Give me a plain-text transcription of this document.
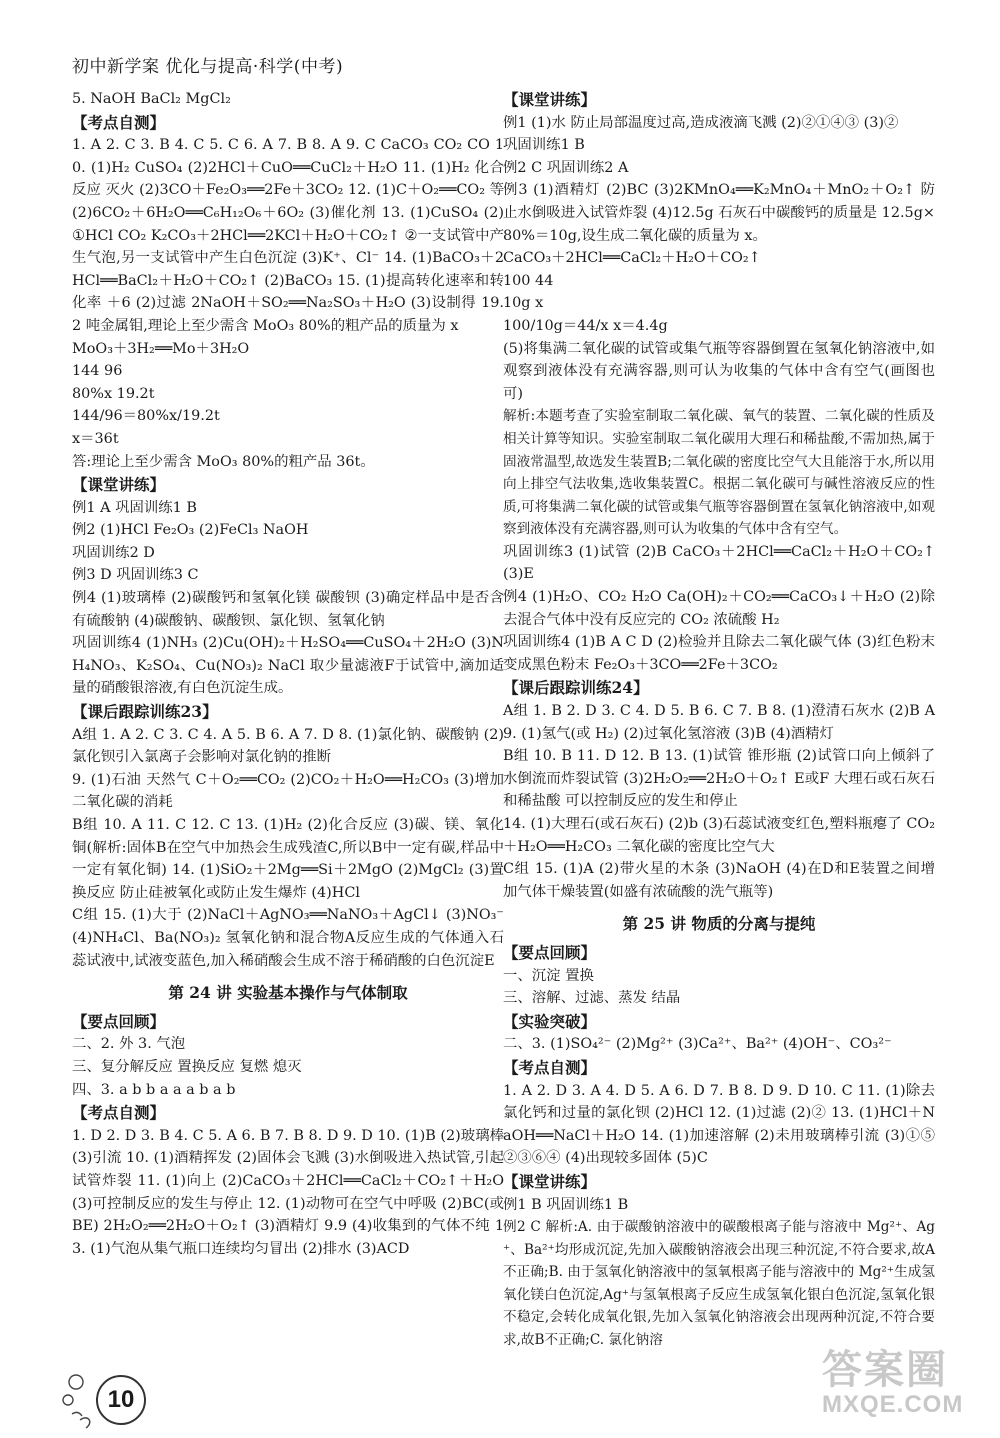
初中新学案 优化与提高·科学(中考)

5. NaOH BaCl₂ MgCl₂

【考点自测】

1. A 2. C 3. B 4. C 5. C 6. A 7. B 8. A 9. C CaCO₃ CO₂ CO 10. (1)H₂ CuSO₄ (2)2HCl＋CuO══CuCl₂＋H₂O 11. (1)H₂ 化合反应 灭火 (2)3CO＋Fe₂O₃══2Fe＋3CO₂ 12. (1)C＋O₂══CO₂ 等 (2)6CO₂＋6H₂O══C₆H₁₂O₆＋6O₂ (3)催化剂 13. (1)CuSO₄ (2)①HCl CO₂ K₂CO₃＋2HCl══2KCl＋H₂O＋CO₂↑ ②一支试管中产生气泡,另一支试管中产生白色沉淀 (3)K⁺、Cl⁻ 14. (1)BaCO₃＋2HCl══BaCl₂＋H₂O＋CO₂↑ (2)BaCO₃ 15. (1)提高转化速率和转化率 ＋6 (2)过滤 2NaOH＋SO₂══Na₂SO₃＋H₂O (3)设制得 19.2 吨金属钼,理论上至少需含 MoO₃ 80%的粗产品的质量为 x

MoO₃＋3H₂══Mo＋3H₂O

144 96

80%x 19.2t

144/96＝80%x/19.2t

x＝36t

答:理论上至少需含 MoO₃ 80%的粗产品 36t。

【课堂讲练】

例1 A 巩固训练1 B

例2 (1)HCl Fe₂O₃ (2)FeCl₃ NaOH

巩固训练2 D

例3 D 巩固训练3 C

例4 (1)玻璃棒 (2)碳酸钙和氢氧化镁 碳酸钡 (3)确定样品中是否含有硫酸钠 (4)碳酸钠、碳酸钡、氯化钡、氢氧化钠

巩固训练4 (1)NH₃ (2)Cu(OH)₂＋H₂SO₄══CuSO₄＋2H₂O (3)NH₄NO₃、K₂SO₄、Cu(NO₃)₂ NaCl 取少量滤液F于试管中,滴加适量的硝酸银溶液,有白色沉淀生成。

【课后跟踪训练23】

A组 1. A 2. C 3. C 4. A 5. B 6. A 7. D 8. (1)氯化钠、碳酸钠 (2)氯化钡引入氯离子会影响对氯化钠的推断

9. (1)石油 天然气 C＋O₂══CO₂ (2)CO₂＋H₂O══H₂CO₃ (3)增加二氧化碳的消耗

B组 10. A 11. C 12. C 13. (1)H₂ (2)化合反应 (3)碳、镁、氧化铜(解析:固体B在空气中加热会生成残渣C,所以B中一定有碳,样品中一定有氧化铜) 14. (1)SiO₂＋2Mg══Si＋2MgO (2)MgCl₂ (3)置换反应 防止硅被氧化或防止发生爆炸 (4)HCl

C组 15. (1)大于 (2)NaCl＋AgNO₃══NaNO₃＋AgCl↓ (3)NO₃⁻ (4)NH₄Cl、Ba(NO₃)₂ 氢氧化钠和混合物A反应生成的气体通入石蕊试液中,试液变蓝色,加入稀硝酸会生成不溶于稀硝酸的白色沉淀E

第 24 讲 实验基本操作与气体制取

【要点回顾】

二、2. 外 3. 气泡

三、复分解反应 置换反应 复燃 熄灭

四、3. a b b a a a b a b

【考点自测】

1. D 2. D 3. B 4. C 5. A 6. B 7. B 8. D 9. D 10. (1)B (2)玻璃棒 (3)引流 10. (1)酒精挥发 (2)固体会飞溅 (3)水倒吸进入热试管,引起试管炸裂 11. (1)向上 (2)CaCO₃＋2HCl══CaCl₂＋CO₂↑＋H₂O (3)可控制反应的发生与停止 12. (1)动物可在空气中呼吸 (2)BC(或 BE) 2H₂O₂══2H₂O＋O₂↑ (3)酒精灯 9.9 (4)收集到的气体不纯 13. (1)气泡从集气瓶口连续均匀冒出 (2)排水 (3)ACD

【课堂讲练】

例1 (1)水 防止局部温度过高,造成液滴飞溅 (2)②①④③ (3)②

巩固训练1 B

例2 C 巩固训练2 A

例3 (1)酒精灯 (2)BC (3)2KMnO₄══K₂MnO₄＋MnO₂＋O₂↑ 防止水倒吸进入试管炸裂 (4)12.5g 石灰石中碳酸钙的质量是 12.5g×80%＝10g,设生成二氧化碳的质量为 x。

CaCO₃＋2HCl══CaCl₂＋H₂O＋CO₂↑

100 44

10g x

100/10g＝44/x x＝4.4g

(5)将集满二氧化碳的试管或集气瓶等容器倒置在氢氧化钠溶液中,如观察到液体没有充满容器,则可认为收集的气体中含有空气(画图也可)

解析:本题考查了实验室制取二氧化碳、氧气的装置、二氧化碳的性质及相关计算等知识。实验室制取二氧化碳用大理石和稀盐酸,不需加热,属于固液常温型,故选发生装置B;二氧化碳的密度比空气大且能溶于水,所以用向上排空气法收集,选收集装置C。根据二氧化碳可与碱性溶液反应的性质,可将集满二氧化碳的试管或集气瓶等容器倒置在氢氧化钠溶液中,如观察到液体没有充满容器,则可认为收集的气体中含有空气。

巩固训练3 (1)试管 (2)B CaCO₃＋2HCl══CaCl₂＋H₂O＋CO₂↑ (3)E

例4 (1)H₂O、CO₂ H₂O Ca(OH)₂＋CO₂══CaCO₃↓＋H₂O (2)除去混合气体中没有反应完的 CO₂ 浓硫酸 H₂

巩固训练4 (1)B A C D (2)检验并且除去二氧化碳气体 (3)红色粉末变成黑色粉末 Fe₂O₃＋3CO══2Fe＋3CO₂

【课后跟踪训练24】

A组 1. B 2. D 3. C 4. D 5. B 6. C 7. B 8. (1)澄清石灰水 (2)B A 9. (1)氢气(或 H₂) (2)过氧化氢溶液 (3)B (4)酒精灯

B组 10. B 11. D 12. B 13. (1)试管 锥形瓶 (2)试管口向上倾斜了 水倒流而炸裂试管 (3)2H₂O₂══2H₂O＋O₂↑ E或F 大理石或石灰石和稀盐酸 可以控制反应的发生和停止

14. (1)大理石(或石灰石) (2)b (3)石蕊试液变红色,塑料瓶瘪了 CO₂＋H₂O══H₂CO₃ 二氧化碳的密度比空气大

C组 15. (1)A (2)带火星的木条 (3)NaOH (4)在D和E装置之间增加气体干燥装置(如盛有浓硫酸的洗气瓶等)

第 25 讲 物质的分离与提纯

【要点回顾】

一、沉淀 置换

三、溶解、过滤、蒸发 结晶

【实验突破】

二、3. (1)SO₄²⁻ (2)Mg²⁺ (3)Ca²⁺、Ba²⁺ (4)OH⁻、CO₃²⁻

【考点自测】

1. A 2. D 3. A 4. D 5. A 6. D 7. B 8. D 9. D 10. C 11. (1)除去氯化钙和过量的氯化钡 (2)HCl 12. (1)过滤 (2)② 13. (1)HCl＋NaOH══NaCl＋H₂O 14. (1)加速溶解 (2)未用玻璃棒引流 (3)①⑤②③⑥④ (4)出现较多固体 (5)C

【课堂讲练】

例1 B 巩固训练1 B

例2 C 解析:A. 由于碳酸钠溶液中的碳酸根离子能与溶液中 Mg²⁺、Ag⁺、Ba²⁺均形成沉淀,先加入碳酸钠溶液会出现三种沉淀,不符合要求,故A不正确;B. 由于氢氧化钠溶液中的氢氧根离子能与溶液中的 Mg²⁺生成氢氧化镁白色沉淀,Ag⁺与氢氧根离子反应生成氢氧化银白色沉淀,氢氧化银不稳定,会转化成氧化银,先加入氢氧化钠溶液会出现两种沉淀,不符合要求,故B不正确;C. 氯化钠溶

10
答案圈
MXQE.COM
